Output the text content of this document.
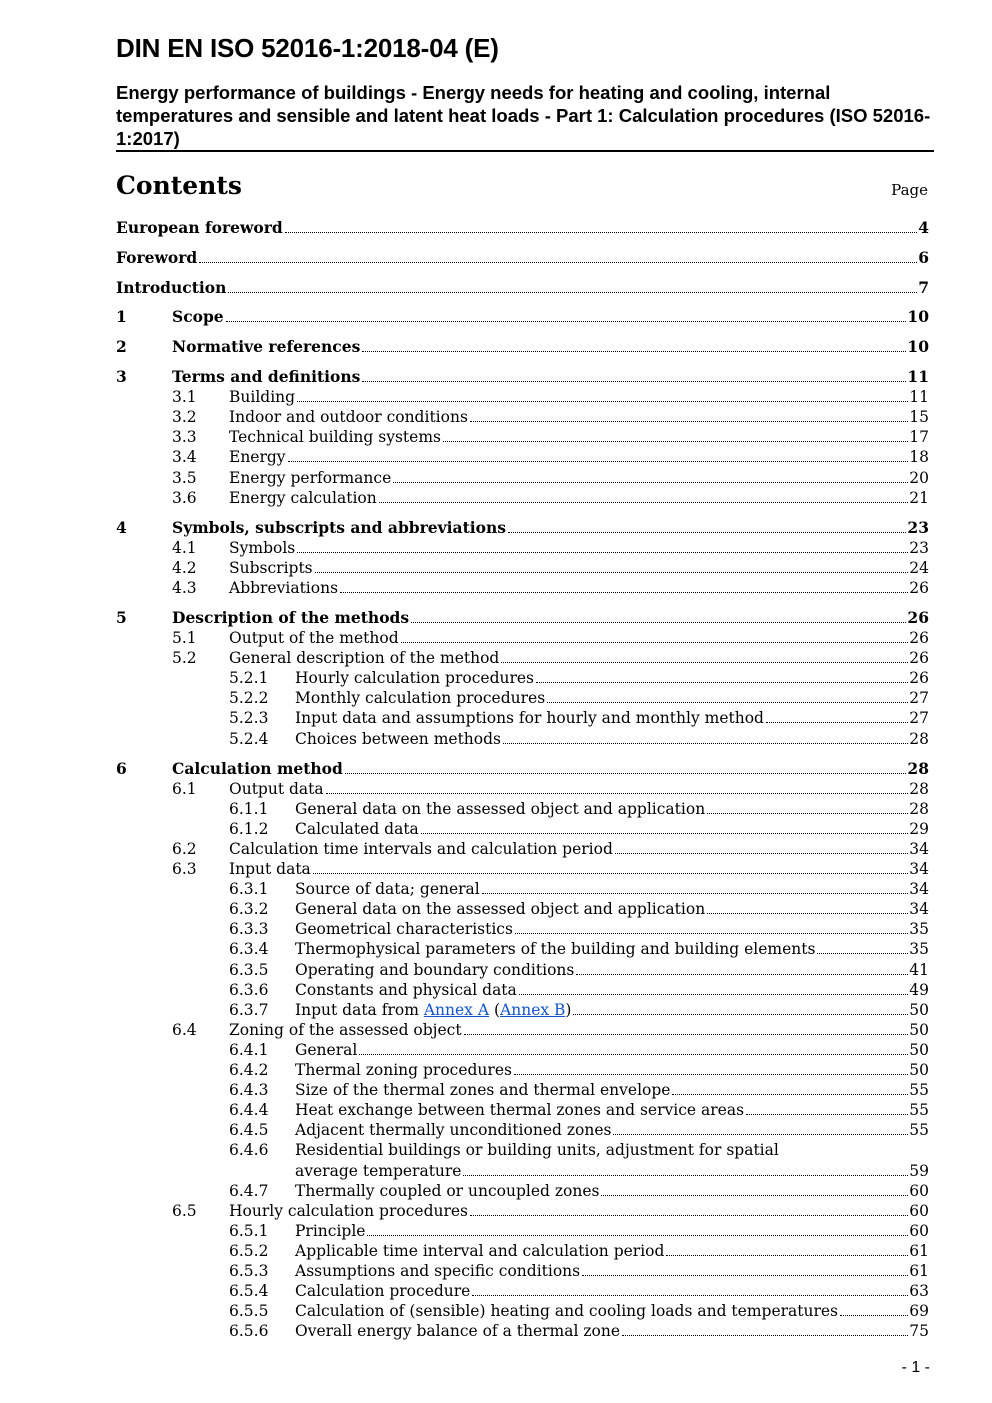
DIN EN ISO 52016-1:2018-04 (E)
Energy performance of buildings - Energy needs for heating and cooling, internal temperatures and sensible and latent heat loads - Part 1: Calculation procedures (ISO 52016-1:2017)
Contents	Page
European foreword	4
Foreword	6
Introduction	7
1	Scope	10
2	Normative references	10
3	Terms and definitions	11
3.1 Building	11
3.2 Indoor and outdoor conditions	15
3.3 Technical building systems	17
3.4 Energy	18
3.5 Energy performance	20
3.6 Energy calculation	21
4	Symbols, subscripts and abbreviations	23
4.1 Symbols	23
4.2 Subscripts	24
4.3 Abbreviations	26
5	Description of the methods	26
5.1 Output of the method	26
5.2 General description of the method	26
5.2.1 Hourly calculation procedures	26
5.2.2 Monthly calculation procedures	27
5.2.3 Input data and assumptions for hourly and monthly method	27
5.2.4 Choices between methods	28
6	Calculation method	28
6.1 Output data	28
6.1.1 General data on the assessed object and application	28
6.1.2 Calculated data	29
6.2 Calculation time intervals and calculation period	34
6.3 Input data	34
6.3.1 Source of data; general	34
6.3.2 General data on the assessed object and application	34
6.3.3 Geometrical characteristics	35
6.3.4 Thermophysical parameters of the building and building elements	35
6.3.5 Operating and boundary conditions	41
6.3.6 Constants and physical data	49
6.3.7 Input data from Annex A (Annex B)	50
6.4 Zoning of the assessed object	50
6.4.1 General	50
6.4.2 Thermal zoning procedures	50
6.4.3 Size of the thermal zones and thermal envelope	55
6.4.4 Heat exchange between thermal zones and service areas	55
6.4.5 Adjacent thermally unconditioned zones	55
6.4.6 Residential buildings or building units, adjustment for spatial
average temperature	59
6.4.7 Thermally coupled or uncoupled zones	60
6.5 Hourly calculation procedures	60
6.5.1 Principle	60
6.5.2 Applicable time interval and calculation period	61
6.5.3 Assumptions and specific conditions	61
6.5.4 Calculation procedure	63
6.5.5 Calculation of (sensible) heating and cooling loads and temperatures	69
6.5.6 Overall energy balance of a thermal zone	75
- 1 -
